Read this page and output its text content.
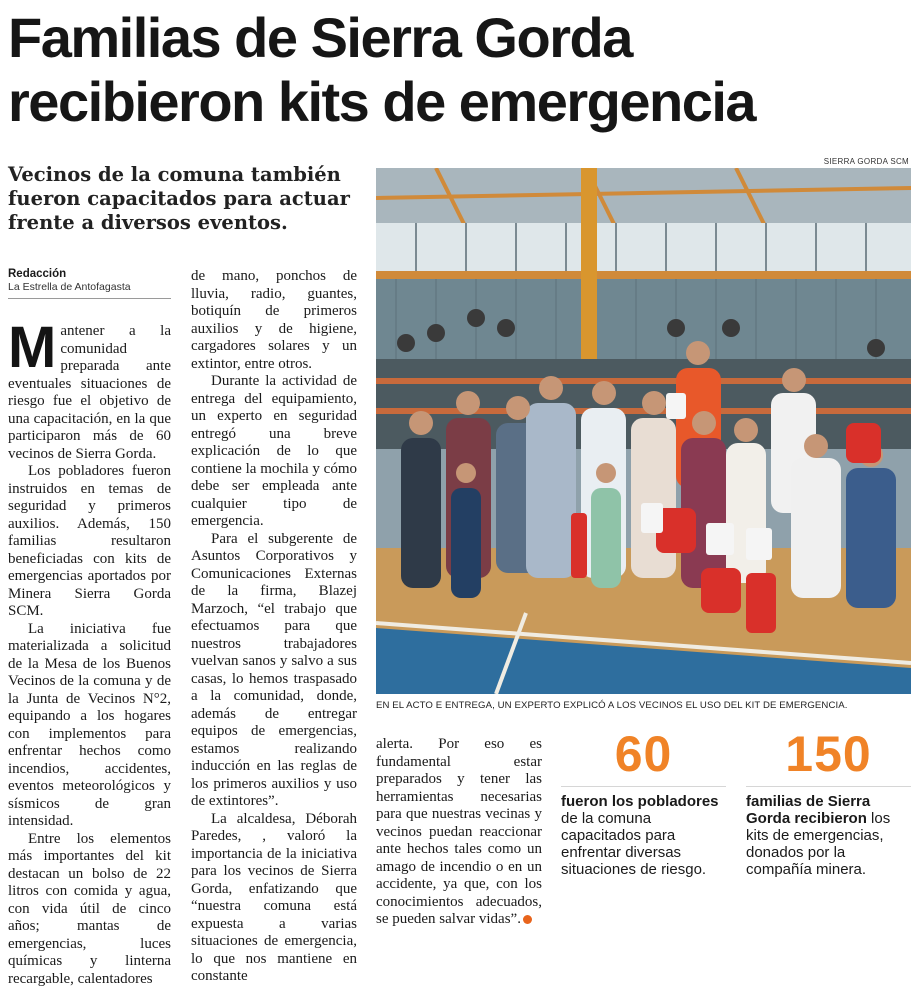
Familias de Sierra Gorda
recibieron kits de emergencia

Vecinos de la comuna también fueron capacitados para actuar frente a diversos eventos.

SIERRA GORDA SCM
EN EL ACTO E ENTREGA, UN EXPERTO EXPLICÓ A LOS VECINOS EL USO DEL KIT DE EMERGENCIA.
Redacción
La Estrella de Antofagasta

Mantener a la comunidad preparada ante eventuales situaciones de riesgo fue el objetivo de una capacitación, en la que participaron más de 60 vecinos de Sierra Gorda.

Los pobladores fueron instruidos en temas de seguridad y primeros auxilios. Además, 150 familias resultaron beneficiadas con kits de emergencias aportados por Minera Sierra Gorda SCM.

La iniciativa fue materializada a solicitud de la Mesa de los Buenos Vecinos de la comuna y de la Junta de Vecinos N°2, equipando a los hogares con implementos para enfrentar hechos como incendios, accidentes, eventos meteorológicos y sísmicos de gran intensidad.

Entre los elementos más importantes del kit destacan un bolso de 22 litros con comida y agua, con vida útil de cinco años; mantas de emergencias, luces químicas y linterna recargable, calentadores

de mano, ponchos de lluvia, radio, guantes, botiquín de primeros auxilios y de higiene, cargadores solares y un extintor, entre otros.

Durante la actividad de entrega del equipamiento, un experto en seguridad entregó una breve explicación de lo que contiene la mochila y cómo debe ser empleada ante cualquier tipo de emergencia.

Para el subgerente de Asuntos Corporativos y Comunicaciones Externas de la firma, Blazej Marzoch, “el trabajo que efectuamos para que nuestros trabajadores vuelvan sanos y salvo a sus casas, lo hemos traspasado a la comunidad, donde, además de entregar equipos de emergencias, estamos realizando inducción en las reglas de los primeros auxilios y uso de extintores”.

La alcaldesa, Déborah Paredes, , valoró la importancia de la iniciativa para los vecinos de Sierra Gorda, enfatizando que “nuestra comuna está expuesta a varias situaciones de emergencia, lo que nos mantiene en constante

alerta. Por eso es fundamental estar preparados y tener las herramientas necesarias para que nuestras vecinas y vecinos puedan reaccionar ante hechos tales como un amago de incendio o en un accidente, ya que, con los conocimientos adecuados, se pueden salvar vidas”.

60
fueron los pobladores de la comuna capacitados para enfrentar diversas situaciones de riesgo.
150
familias de Sierra Gorda recibieron los kits de emergencias, donados por la compañía minera.
